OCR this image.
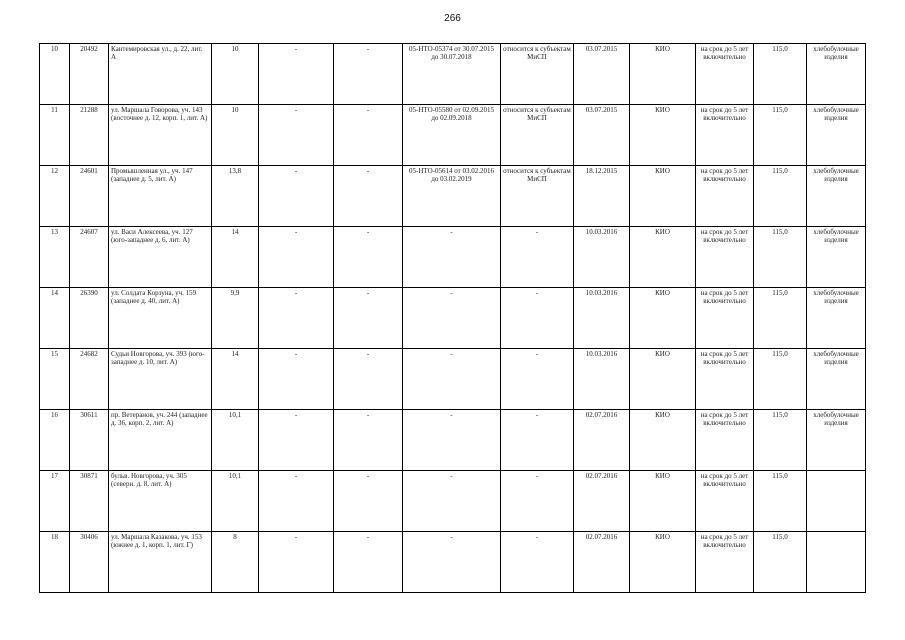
266
10	20492	Кантемировская ул., д. 22, лит. А	10	-	-	05-НТО-05374 от 30.07.2015 до 30.07.2018	относится к субъектам МиСП	03.07.2015	КИО	на срок до 5 лет включительно	115,0	хлебобулочные изделия
11	21288	ул. Маршала Говорова, уч. 143 (восточнее д. 12, корп. 1, лит. А)	10	-	-	05-НТО-05580 от 02.09.2015 до 02.09.2018	относится к субъектам МиСП	03.07.2015	КИО	на срок до 5 лет включительно	115,0	хлебобулочные изделия
12	24601	Промышленная ул., уч. 147 (западнее д. 5, лит. А)	13,8	-	-	05-НТО-05614 от 03.02.2016 до 03.02.2019	относится к субъектам МиСП	18.12.2015	КИО	на срок до 5 лет включительно	115,0	хлебобулочные изделия
13	24607	ул. Васи Алексеева, уч. 127 (юго-западнее д. 6, лит. А)	14	-	-	-	-	10.03.2016	КИО	на срок до 5 лет включительно	115,0	хлебобулочные изделия
14	26390	ул. Солдата Корзуна, уч. 159 (западнее д. 40, лит. А)	9,9	-	-	-	-	10.03.2016	КИО	на срок до 5 лет включительно	115,0	хлебобулочные изделия
15	24682	Судьи Новгорова, уч. 393 (юго-западнее д. 10, лит. А)	14	-	-	-	-	10.03.2016	КИО	на срок до 5 лет включительно	115,0	хлебобулочные изделия
16	30611	пр. Ветеранов, уч. 244 (западнее д. 36, корп. 2, лит. А)	10,1	-	-	-	-	02.07.2016	КИО	на срок до 5 лет включительно	115,0	хлебобулочные изделия
17	30871	бульв. Новгорова, уч. 305 (северн. д. 8, лит. А)	10,1	-	-	-	-	02.07.2016	КИО	на срок до 5 лет включительно	115,0	
18	30406	ул. Маршала Казакова, уч. 153 (южнее д. 1, корп. 1, лит. Г)	8	-	-	-	-	02.07.2016	КИО	на срок до 5 лет включительно	115,0	
